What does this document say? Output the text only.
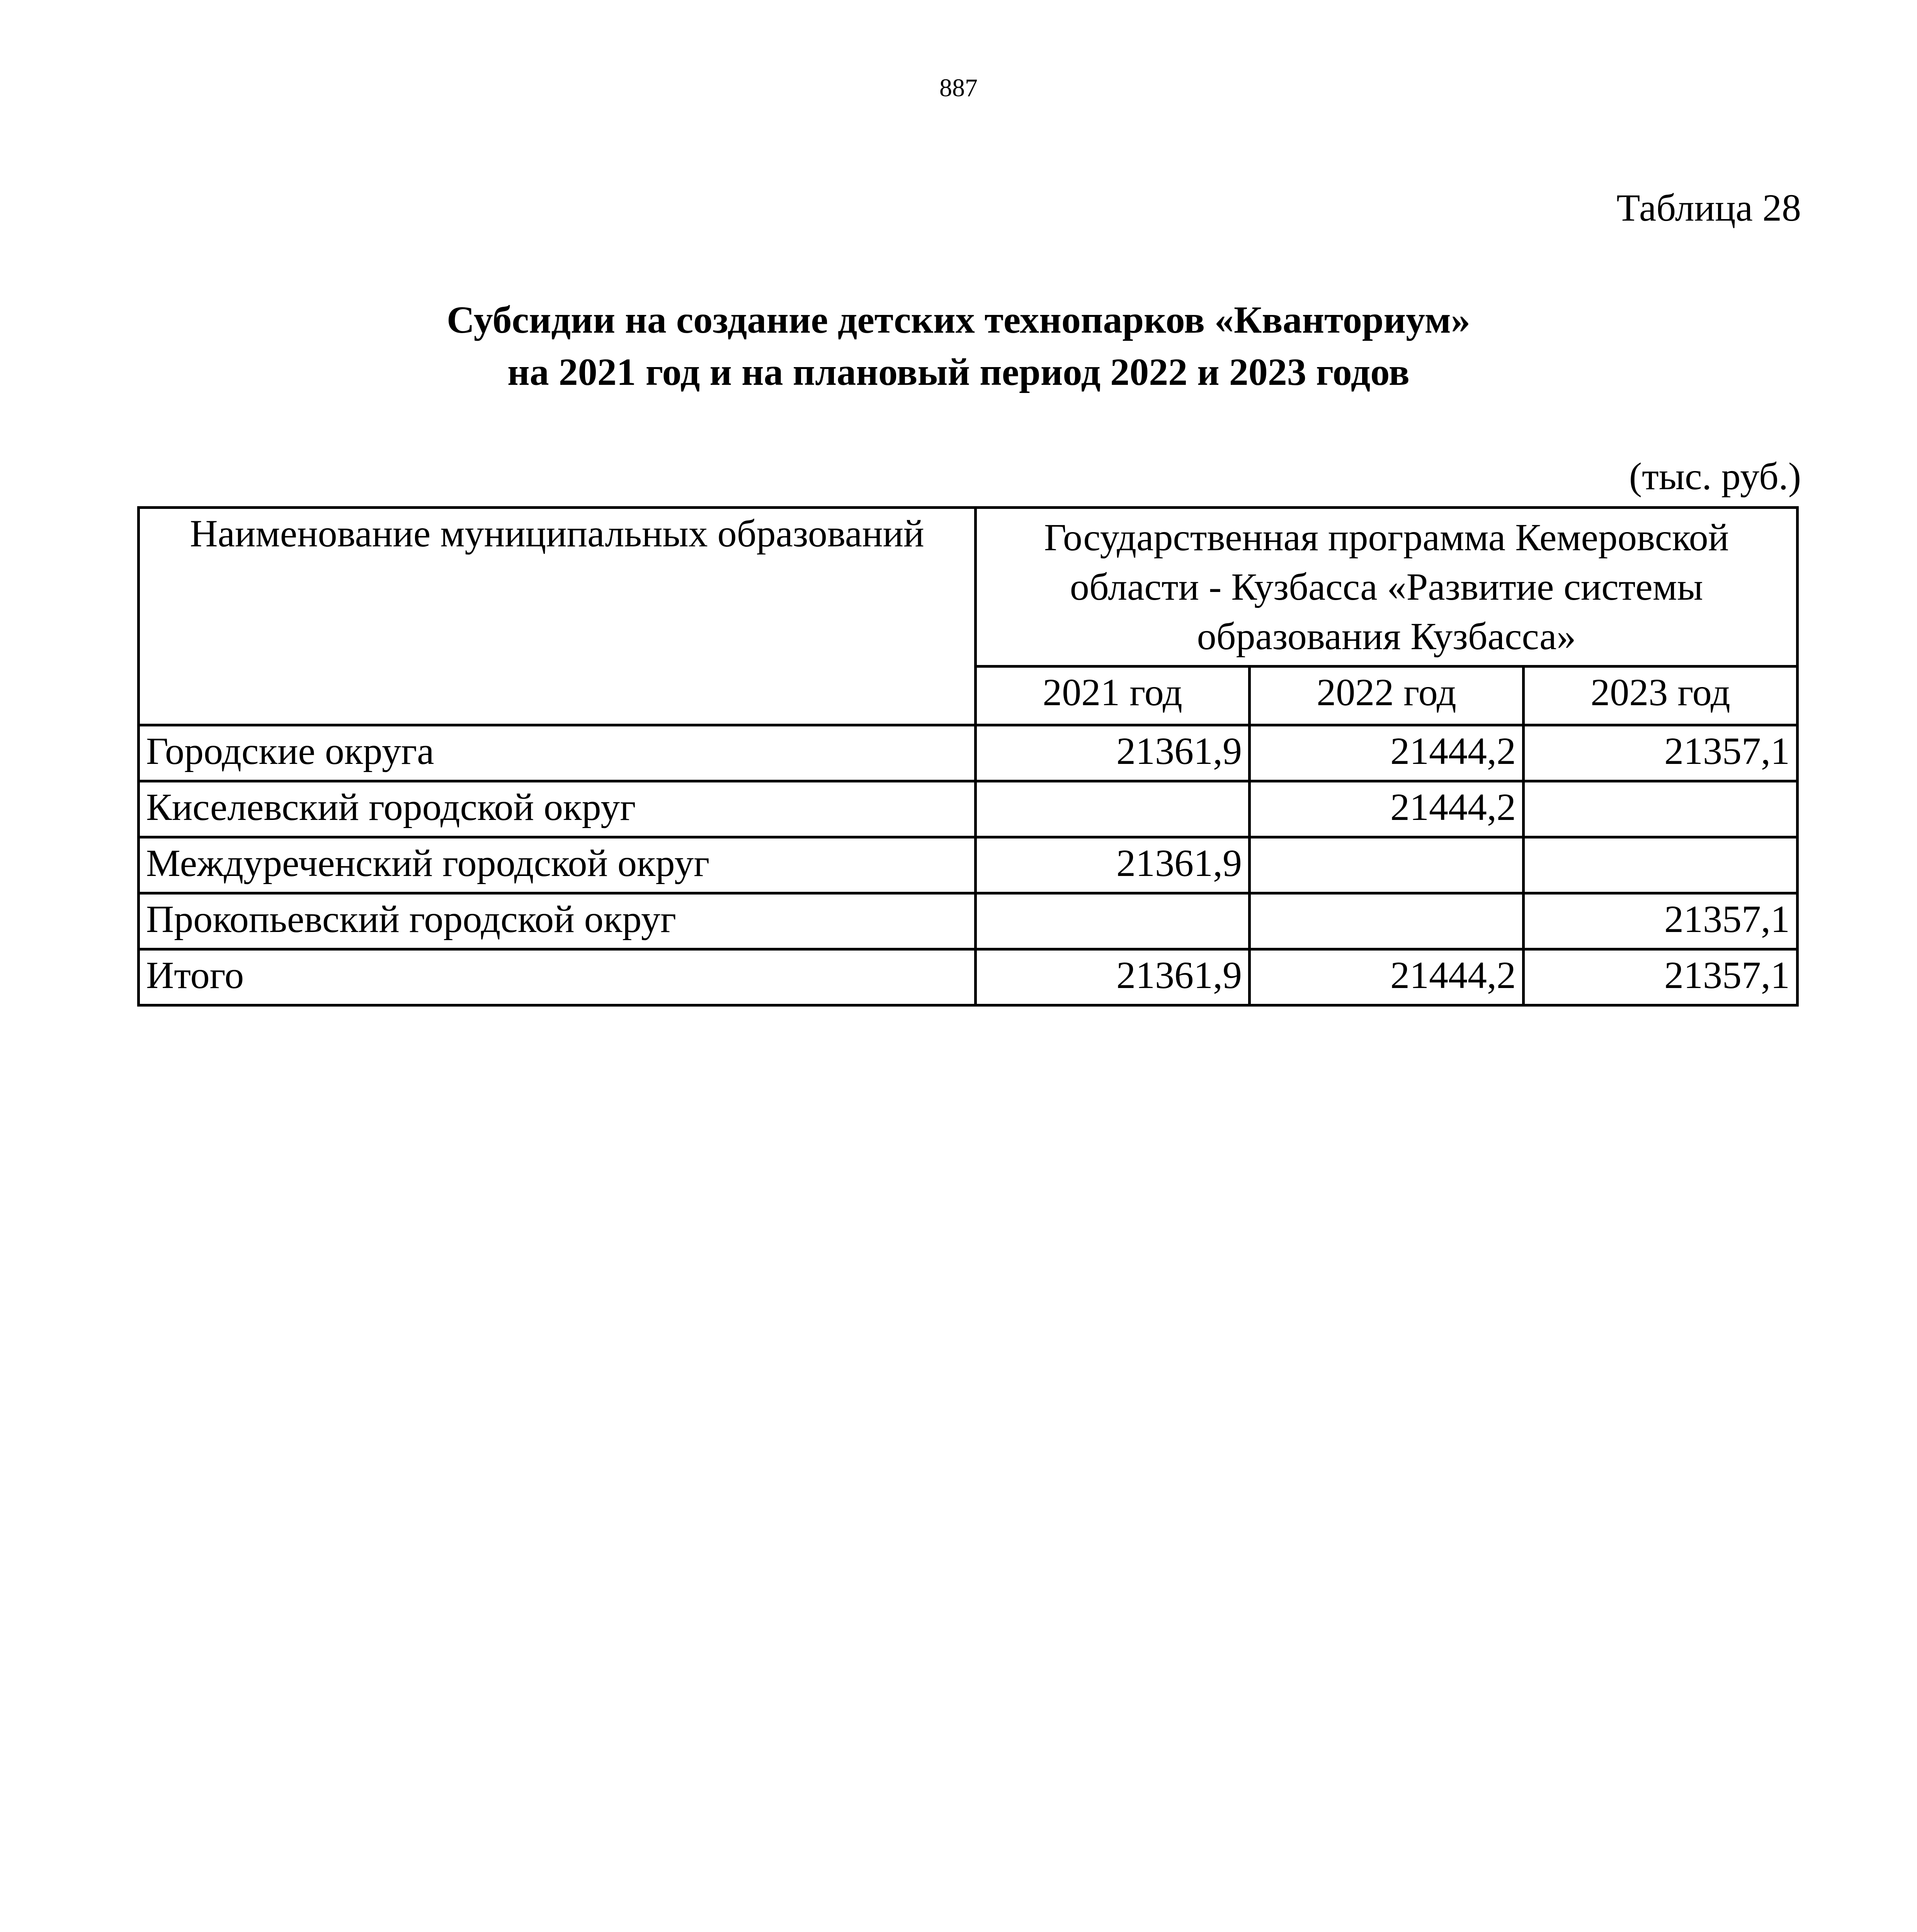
887
Таблица 28
Субсидии на создание детских технопарков «Кванториум»
на 2021 год и на плановый период 2022 и 2023 годов
(тыс. руб.)
Наименование муниципальных образований	Государственная программа Кемеровской области - Кузбасса «Развитие системы образования Кузбасса»		
	2021 год	2022 год	2023 год
Городские округа	21361,9	21444,2	21357,1
Киселевский городской округ		21444,2	
Междуреченский городской округ	21361,9		
Прокопьевский городской округ			21357,1
Итого	21361,9	21444,2	21357,1
